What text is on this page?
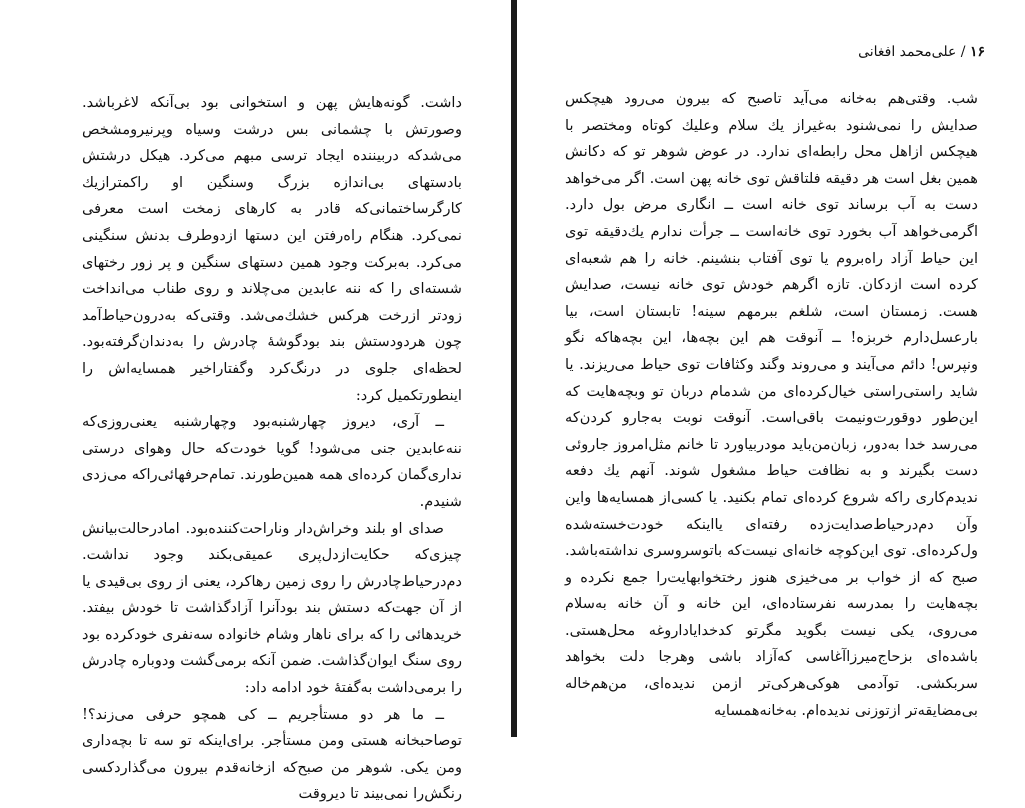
داشت. گونه‌هایش پهن و استخوانی بود بی‌آنکه لاغرباشد. وصورتش با چشمانی بس درشت وسیاه وپرنیرومشخص می‌شدکه دربیننده ایجاد ترسی مبهم می‌کرد. هیکل درشتش بادستهای بی‌اندازه بزرگ وسنگین او راکمتر‌ازیك کارگرساختمانی‌که قادر به کارهای زمخت است معرفی نمی‌کرد. هنگام راه‌رفتن این دستها ازدوطرف بدنش سنگینی می‌کرد. به‌برکت وجود همین دستهای سنگین و پر زور رختهای شسته‌ای را که ننه عابدین می‌چلاند و روی طناب می‌انداخت زودتر ازرخت هرکس خشك‌می‌شد. وقتی‌که به‌درون‌حیاط‌آمد چون هردودستش بند بودگوشهٔ چادرش را به‌دندان‌گرفته‌بود. لحظه‌ای جلوی در درنگ‌کرد وگفتاراخیر همسایه‌اش را اینطورتکمیل کرد:

ــ آری، دیروز چهارشنبه‌بود وچهارشنبه یعنی‌روزی‌که ننه‌عابدین جنی می‌شود! گویا خودت‌که حال وهوای درستی نداری‌گمان کرده‌ای همه همین‌طورند. تمام‌حرفهائی‌راکه می‌زدی شنیدم.

صدای او بلند وخراش‌دار وناراحت‌کننده‌بود. امادرحالت‌بیانش چیزی‌که حکایت‌ازدل‌پری عمیقی‌بکند وجود نداشت. دم‌درحیاط‌چادرش را روی زمین رها‌کرد، یعنی از روی بی‌قیدی یا از آن جهت‌که دستش بند بودآنرا آزادگذاشت تا خودش بیفتد. خریدهائی را که برای ناهار وشام خانواده سه‌نفری خودکرده بود روی سنگ ایوان‌گذاشت. ضمن آنکه برمی‌گشت ودوباره چادرش را برمی‌داشت به‌گفتهٔ خود ادامه داد:

ــ ما هر دو مستأجریم ــ کی همچو حرفی می‌زند؟! توصاحبخانه هستی ومن مستأجر. برای‌اینکه تو سه تا بچه‌داری ومن یکی. شوهر من صبح‌که ازخانه‌قدم بیرون می‌گذاردکسی رنگش‌را نمی‌بیند تا دیروقت

۱۶ / علی‌محمد افغانی

شب. وقتی‌هم به‌خانه می‌آید تاصبح که بیرون می‌رود هیچکس صدایش را نمی‌شنود به‌غیراز یك سلام وعلیك کوتاه ومختصر با هیچکس ازاهل محل رابطه‌ای ندارد. در عوض شوهر تو که دکانش همین بغل است هر دقیقه فلتاقش توی خانه پهن است. اگر می‌خواهد دست به آب برساند توی خانه است ــ انگاری مرض بول دارد. اگرمی‌خواهد آب بخورد توی خانه‌است ــ جرأت ندارم یك‌دقیقه توی این حیاط آزاد راه‌بروم یا توی آفتاب بنشینم. خانه را هم شعبه‌ای کرده است ازدکان. تازه اگرهم خودش توی خانه نیست، صدایش هست. زمستان است، شلغم ببرمهم سینه! تابستان است، بیا بارعسل‌دارم خربزه! ــ آنوقت هم این بچه‌ها، این بچه‌هاکه نگو ونپرس! دائم می‌آیند و می‌روند وگند وکثافات توی حیاط می‌ریزند. یا شاید راستی‌راستی خیال‌کرده‌ای من شدمام دربان تو وبچه‌هایت که این‌طور دوقورت‌ونیمت باقی‌است. آنوقت نوبت به‌جارو کردن‌که می‌رسد خدا به‌دور، زبان‌من‌باید مودربیاورد تا خانم مثل‌امروز جاروئی دست بگیرند و به نظافت حیاط مشغول شوند. آنهم یك دفعه ندیدم‌کاری راکه شروع کرده‌ای تمام بکنید. یا کسی‌از همسایه‌ها واین وآن دم‌درحیاط‌صدایت‌زده رفته‌ای یااینکه خودت‌خسته‌شده ول‌کرده‌ای. توی این‌کوچه خانه‌ای نیست‌که باتوسروسری نداشته‌باشد. صبح که از خواب بر می‌خیزی هنوز رختخوابهایت‌را جمع نکرده و بچه‌هایت را بمدرسه نفرستاده‌ای، این خانه و آن خانه به‌سلام می‌روی، یکی نیست بگوید مگرتو کدخدایاداروغه محل‌هستی. باشده‌ای بزحاج‌میرزاآغاسی که‌آزاد باشی وهرجا دلت بخواهد سربکشی. توآدمی هوکی‌هرکی‌تر ازمن ندیده‌ای، من‌هم‌خاله بی‌مضایقه‌تر ازتوزنی ندیده‌ام. به‌خانه‌همسایه
